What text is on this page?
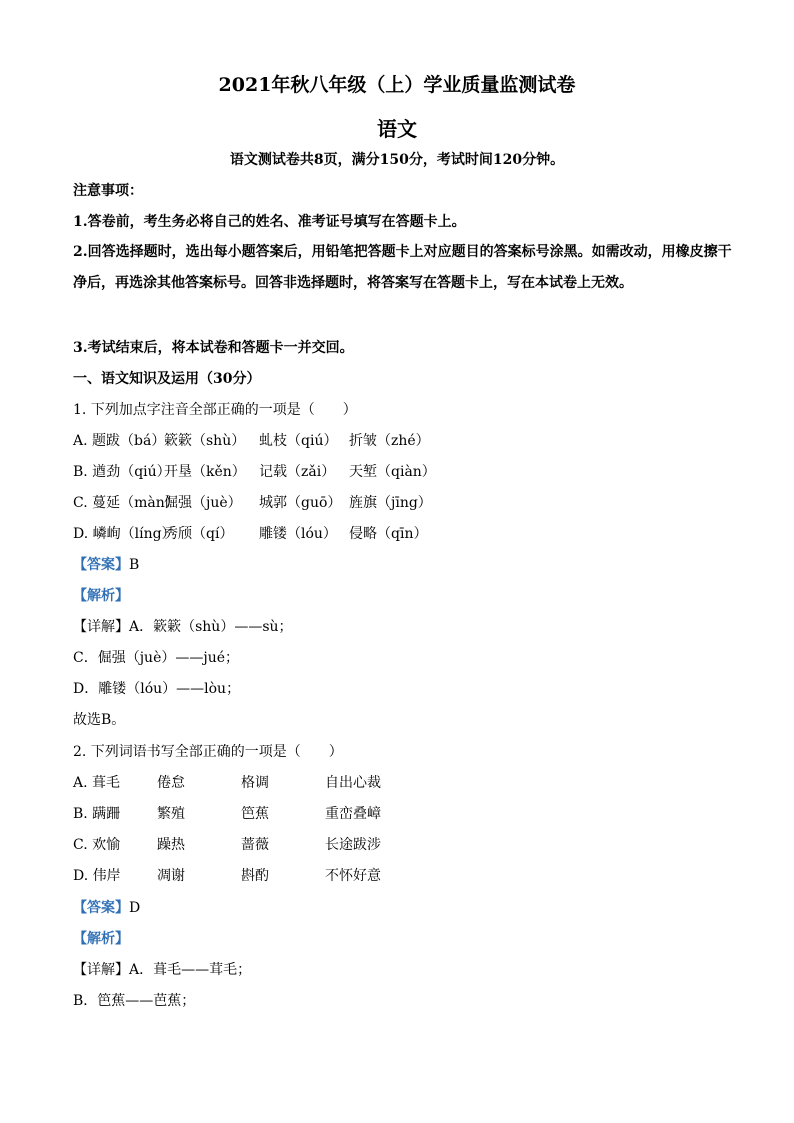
2021年秋八年级（上）学业质量监测试卷
语文
语文测试卷共8页，满分150分，考试时间120分钟。
注意事项：
1.答卷前，考生务必将自己的姓名、准考证号填写在答题卡上。
2.回答选择题时，选出每小题答案后，用铅笔把答题卡上对应题目的答案标号涂黑。如需改动，用橡皮擦干净后，再选涂其他答案标号。回答非选择题时，将答案写在答题卡上，写在本试卷上无效。
3.考试结束后，将本试卷和答题卡一并交回。
一、语文知识及运用（30分）
1. 下列加点字注音全部正确的一项是（　　）
A. 题跋（bá）簌簌（shù） 虬枝（qiú） 折皱（zhé）
B. 遒劲（qiú）开垦（kěn） 记载（zǎi） 天堑（qiàn）
C. 蔓延（màn）倔强（juè） 城郭（guō） 旌旗（jīng）
D. 嶙峋（líng）秀颀（qí） 雕镂（lóu） 侵略（qīn）
【答案】B
【解析】
【详解】A．簌簌（shù）——sù；
C．倔强（juè）——jué；
D．雕镂（lóu）——lòu；
故选B。
2. 下列词语书写全部正确的一项是（　　）
A. 葺毛	倦怠	格调	自出心裁
B. 蹒跚	繁殖	笆蕉	重峦叠嶂
C. 欢愉	躁热	蔷薇	长途跋涉
D. 伟岸	凋谢	斟酌	不怀好意
【答案】D
【解析】
【详解】A．葺毛——茸毛；
B．笆蕉——芭蕉；
